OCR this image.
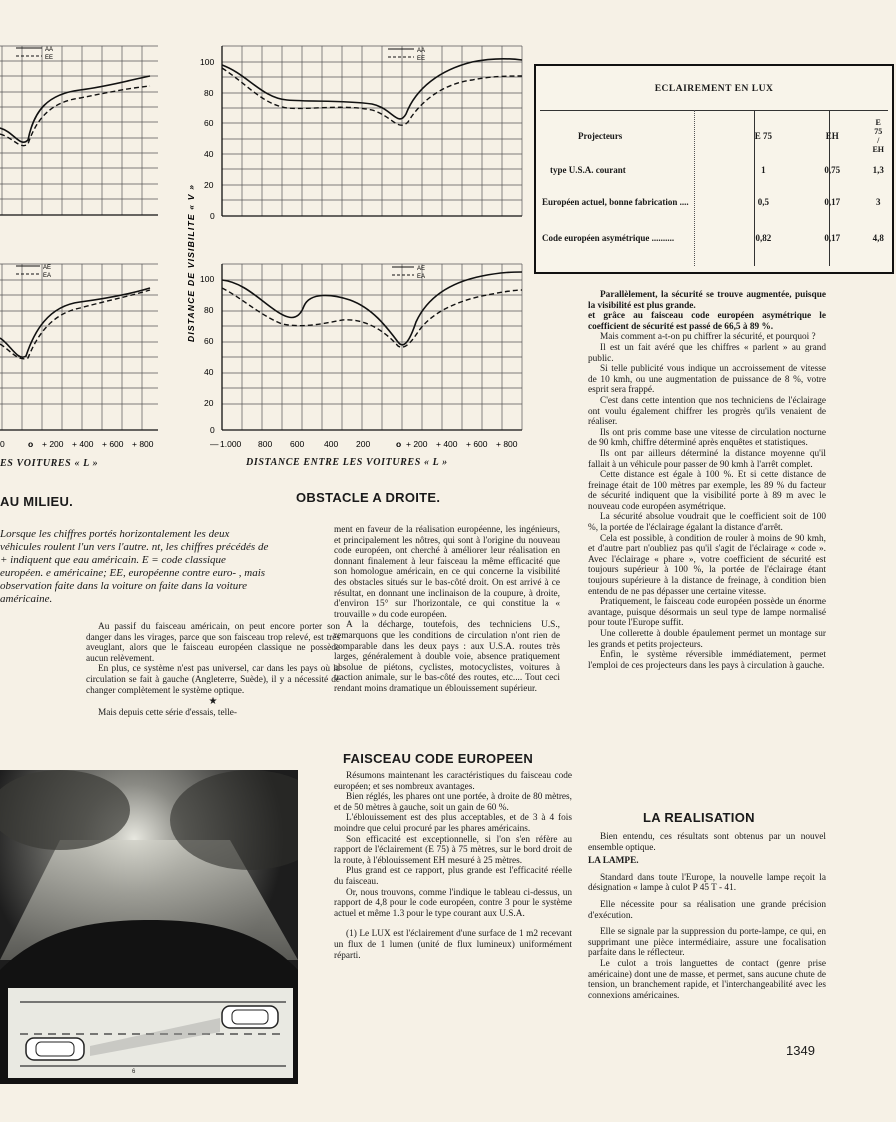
AA
EE	100
80
60
40
20
0
AA
EE
DISTANCE DE VISIBILITE « V »
AE
EA
0	o + 200 + 400 + 600 + 800
100
80
60
40
20
0
AE
EA
— 1.000 800 600 400 200	o + 200 + 400 + 600 + 800
ES VOITURES « L »	DISTANCE ENTRE LES VOITURES « L »
ECLAIREMENT EN LUX
Projecteurs	E 75	EH	E 75 / EH
type U.S.A. courant	1	0,75	1,3
Européen actuel, bonne fabrication ....	0,5	0,17	3
Code européen asymétrique ..........	0,82	0,17	4,8
AU MILIEU.	OBSTACLE A DROITE.
Lorsque les chiffres portés horizontalement les deux véhicules roulent l'un vers l'autre. nt, les chiffres précédés de + indiquent que eau américain. E = code classique européen. e américaine; EE, européenne contre euro- , mais observation faite dans la voiture on faite dans la voiture américaine.

Au passif du faisceau américain, on peut encore porter son danger dans les virages, parce que son faisceau trop relevé, est très aveuglant, alors que le faisceau européen classique ne possède aucun relèvement.

En plus, ce système n'est pas universel, car dans les pays où la circulation se fait à gauche (Angleterre, Suède), il y a nécessité de changer complètement le système optique.

★

Mais depuis cette série d'essais, telle-

6

ment en faveur de la réalisation européenne, les ingénieurs, et principalement les nôtres, qui sont à l'origine du nouveau code européen, ont cherché à améliorer leur réalisation en donnant finalement à leur faisceau la même efficacité que son homologue américain, en ce qui concerne la visibilité des obstacles situés sur le bas-côté droit. On est arrivé à ce résultat, en donnant une inclinaison de la coupure, à droite, d'environ 15° sur l'horizontale, ce qui constitue la « trouvaille » du code européen.

A la décharge, toutefois, des techniciens U.S., remarquons que les conditions de circulation n'ont rien de comparable dans les deux pays : aux U.S.A. routes très larges, généralement à double voie, absence pratiquement absolue de piétons, cyclistes, motocyclistes, voitures à traction animale, sur le bas-côté des routes, etc.... Tout ceci rendant moins dramatique un éblouissement supérieur.

FAISCEAU CODE EUROPEEN

Résumons maintenant les caractéristiques du faisceau code européen; et ses nombreux avantages.

Bien réglés, les phares ont une portée, à droite de 80 mètres, et de 50 mètres à gauche, soit un gain de 60 %.

L'éblouissement est des plus acceptables, et de 3 à 4 fois moindre que celui procuré par les phares américains.

Son efficacité est exceptionnelle, si l'on s'en réfère au rapport de l'éclairement (E 75) à 75 mètres, sur le bord droit de la route, à l'éblouissement EH mesuré à 25 mètres.

Plus grand est ce rapport, plus grande est l'efficacité réelle du faisceau.

Or, nous trouvons, comme l'indique le tableau ci-dessus, un rapport de 4,8 pour le code européen, contre 3 pour le système actuel et même 1.3 pour le type courant aux U.S.A.

(1) Le LUX est l'éclairement d'une surface de 1 m2 recevant un flux de 1 lumen (unité de flux lumineux) uniformément réparti.

Parallèlement, la sécurité se trouve augmentée, puisque la visibilité est plus grande.

et grâce au faisceau code européen asymétrique le coefficient de sécurité est passé de 66,5 à 89 %.

Mais comment a-t-on pu chiffrer la sécurité, et pourquoi ?

Il est un fait avéré que les chiffres « parlent » au grand public.

Si telle publicité vous indique un accroissement de vitesse de 10 kmh, ou une augmentation de puissance de 8 %, votre esprit sera frappé.

C'est dans cette intention que nos techniciens de l'éclairage ont voulu également chiffrer les progrès qu'ils venaient de réaliser.

Ils ont pris comme base une vitesse de circulation nocturne de 90 kmh, chiffre déterminé après enquêtes et statistiques.

Ils ont par ailleurs déterminé la distance moyenne qu'il fallait à un véhicule pour passer de 90 kmh à l'arrêt complet.

Cette distance est égale à 100 %. Et si cette distance de freinage était de 100 mètres par exemple, les 89 % du facteur de sécurité indiquent que la visibilité porte à 89 m avec le nouveau code européen asymétrique.

La sécurité absolue voudrait que le coefficient soit de 100 %, la portée de l'éclairage égalant la distance d'arrêt.

Cela est possible, à condition de rouler à moins de 90 kmh, et d'autre part n'oubliez pas qu'il s'agit de l'éclairage « code ». Avec l'éclairage « phare », votre coefficient de sécurité est toujours supérieur à 100 %, la portée de l'éclairage étant toujours supérieure à la distance de freinage, à condition bien entendu de ne pas dépasser une certaine vitesse.

Pratiquement, le faisceau code européen possède un énorme avantage, puisque désormais un seul type de lampe normalisé pour toute l'Europe suffit.

Une collerette à double épaulement permet un montage sur les grands et petits projecteurs.

Enfin, le système réversible immédiatement, permet l'emploi de ces projecteurs dans les pays à circulation à gauche.

LA REALISATION

Bien entendu, ces résultats sont obtenus par un nouvel ensemble optique.

LA LAMPE.

Standard dans toute l'Europe, la nouvelle lampe reçoit la désignation « lampe à culot P 45 T - 41.

Elle nécessite pour sa réalisation une grande précision d'exécution.

Elle se signale par la suppression du porte-lampe, ce qui, en supprimant une pièce intermédiaire, assure une focalisation parfaite dans le réflecteur.

Le culot a trois languettes de contact (genre prise américaine) dont une de masse, et permet, sans aucune chute de tension, un branchement rapide, et l'interchangeabilité avec les connexions américaines.

1349
